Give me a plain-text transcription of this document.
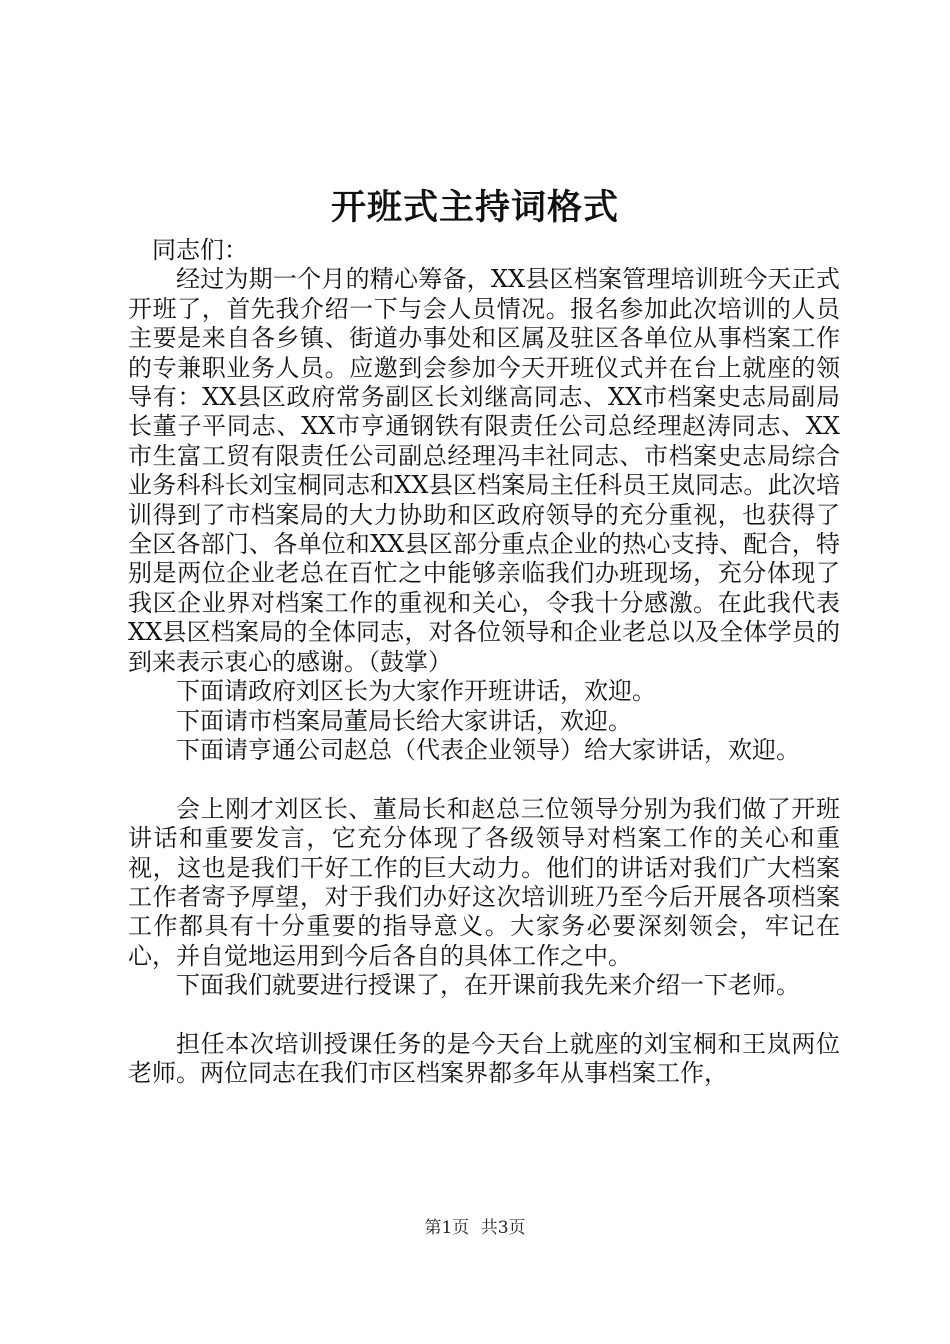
开班式主持词格式

同志们：

经过为期一个月的精心筹备，XX县区档案管理培训班今天正式开班了，首先我介绍一下与会人员情况。报名参加此次培训的人员主要是来自各乡镇、街道办事处和区属及驻区各单位从事档案工作的专兼职业务人员。应邀到会参加今天开班仪式并在台上就座的领导有：XX县区政府常务副区长刘继高同志、XX市档案史志局副局长董子平同志、XX市亨通钢铁有限责任公司总经理赵涛同志、XX市生富工贸有限责任公司副总经理冯丰社同志、市档案史志局综合业务科科长刘宝桐同志和XX县区档案局主任科员王岚同志。此次培训得到了市档案局的大力协助和区政府领导的充分重视，也获得了全区各部门、各单位和XX县区部分重点企业的热心支持、配合，特别是两位企业老总在百忙之中能够亲临我们办班现场，充分体现了我区企业界对档案工作的重视和关心，令我十分感激。在此我代表XX县区档案局的全体同志，对各位领导和企业老总以及全体学员的到来表示衷心的感谢。（鼓掌）

下面请政府刘区长为大家作开班讲话，欢迎。

下面请市档案局董局长给大家讲话，欢迎。

下面请亨通公司赵总（代表企业领导）给大家讲话，欢迎。

会上刚才刘区长、董局长和赵总三位领导分别为我们做了开班讲话和重要发言，它充分体现了各级领导对档案工作的关心和重视，这也是我们干好工作的巨大动力。他们的讲话对我们广大档案工作者寄予厚望，对于我们办好这次培训班乃至今后开展各项档案工作都具有十分重要的指导意义。大家务必要深刻领会，牢记在心，并自觉地运用到今后各自的具体工作之中。

下面我们就要进行授课了，在开课前我先来介绍一下老师。

担任本次培训授课任务的是今天台上就座的刘宝桐和王岚两位老师。两位同志在我们市区档案界都多年从事档案工作，

第1页 共3页
